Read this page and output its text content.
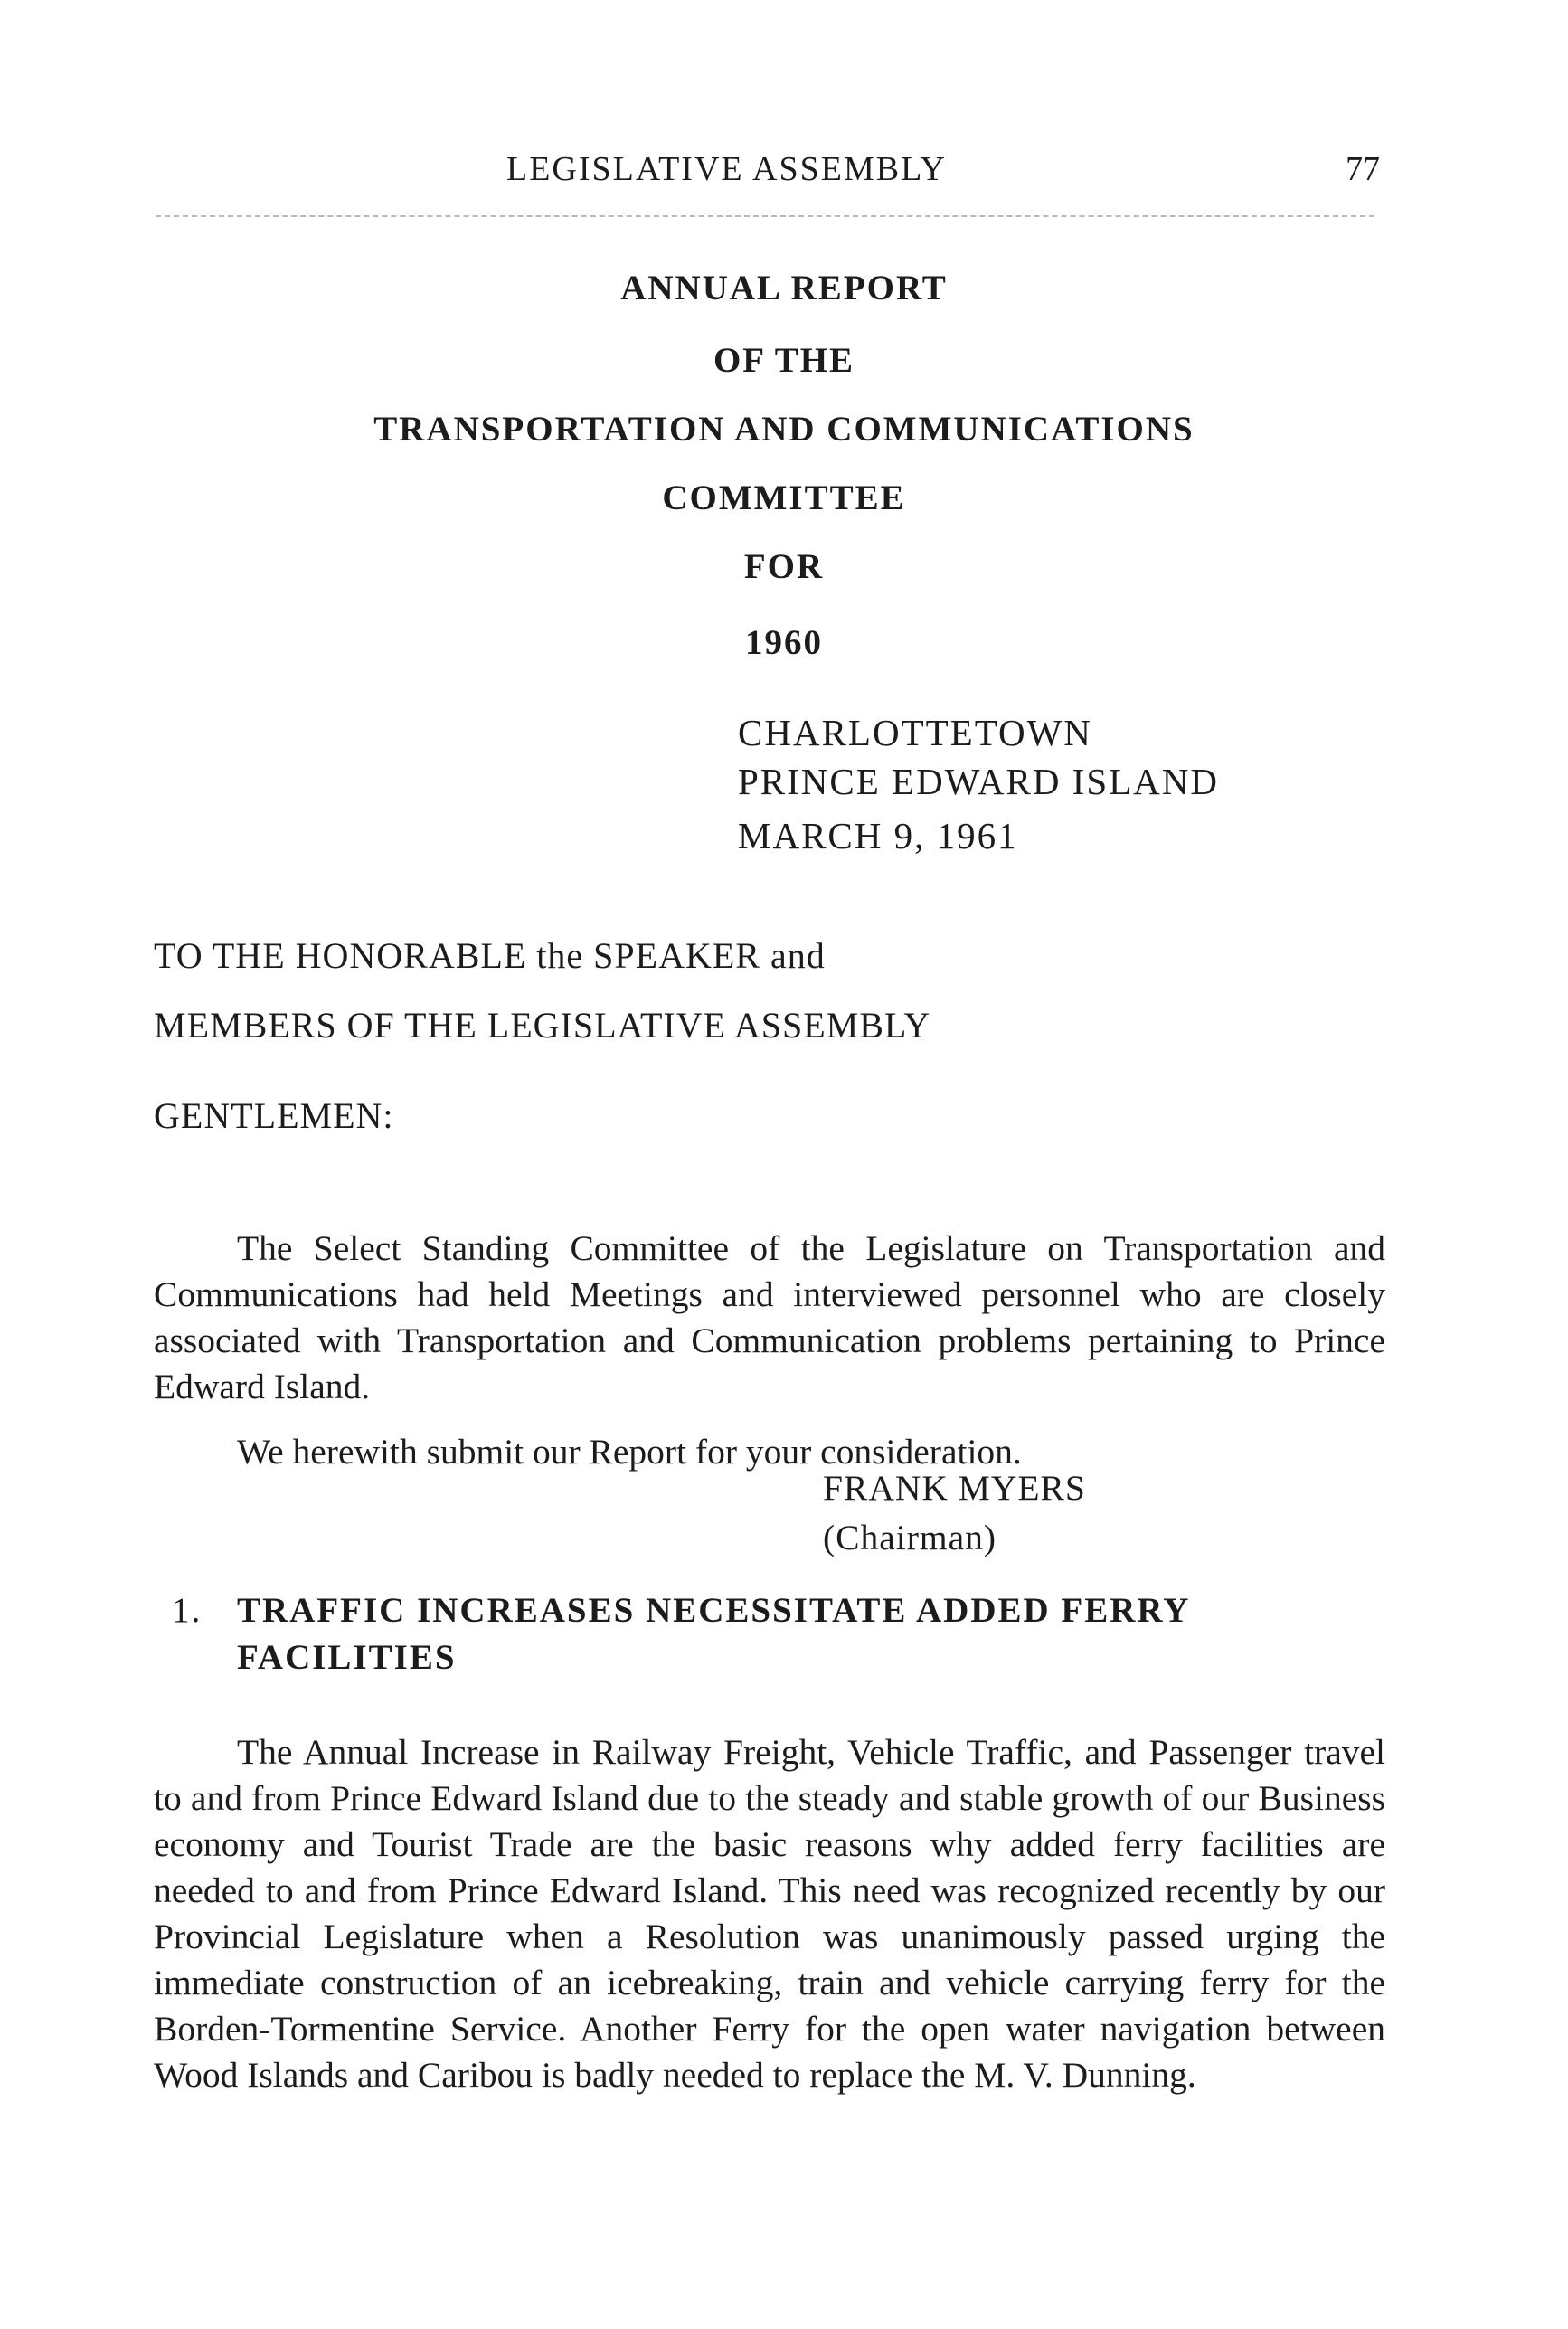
LEGISLATIVE ASSEMBLY	77
ANNUAL REPORT
OF THE
TRANSPORTATION AND COMMUNICATIONS
COMMITTEE
FOR
1960
CHARLOTTETOWN
PRINCE EDWARD ISLAND
MARCH 9, 1961
TO THE HONORABLE the SPEAKER and
MEMBERS OF THE LEGISLATIVE ASSEMBLY
GENTLEMEN:

The Select Standing Committee of the Legislature on Transportation and Communications had held Meetings and interviewed personnel who are closely associated with Transportation and Communication problems pertaining to Prince Edward Island.

We herewith submit our Report for your consideration.

FRANK MYERS
(Chairman)
1. TRAFFIC INCREASES NECESSITATE ADDED FERRY FACILITIES

The Annual Increase in Railway Freight, Vehicle Traffic, and Passenger travel to and from Prince Edward Island due to the steady and stable growth of our Business economy and Tourist Trade are the basic reasons why added ferry facilities are needed to and from Prince Edward Island. This need was recognized recently by our Provincial Legislature when a Resolution was unanimously passed urging the immediate construction of an icebreaking, train and vehicle carrying ferry for the Borden-Tormentine Service. Another Ferry for the open water navigation between Wood Islands and Caribou is badly needed to replace the M. V. Dunning.
